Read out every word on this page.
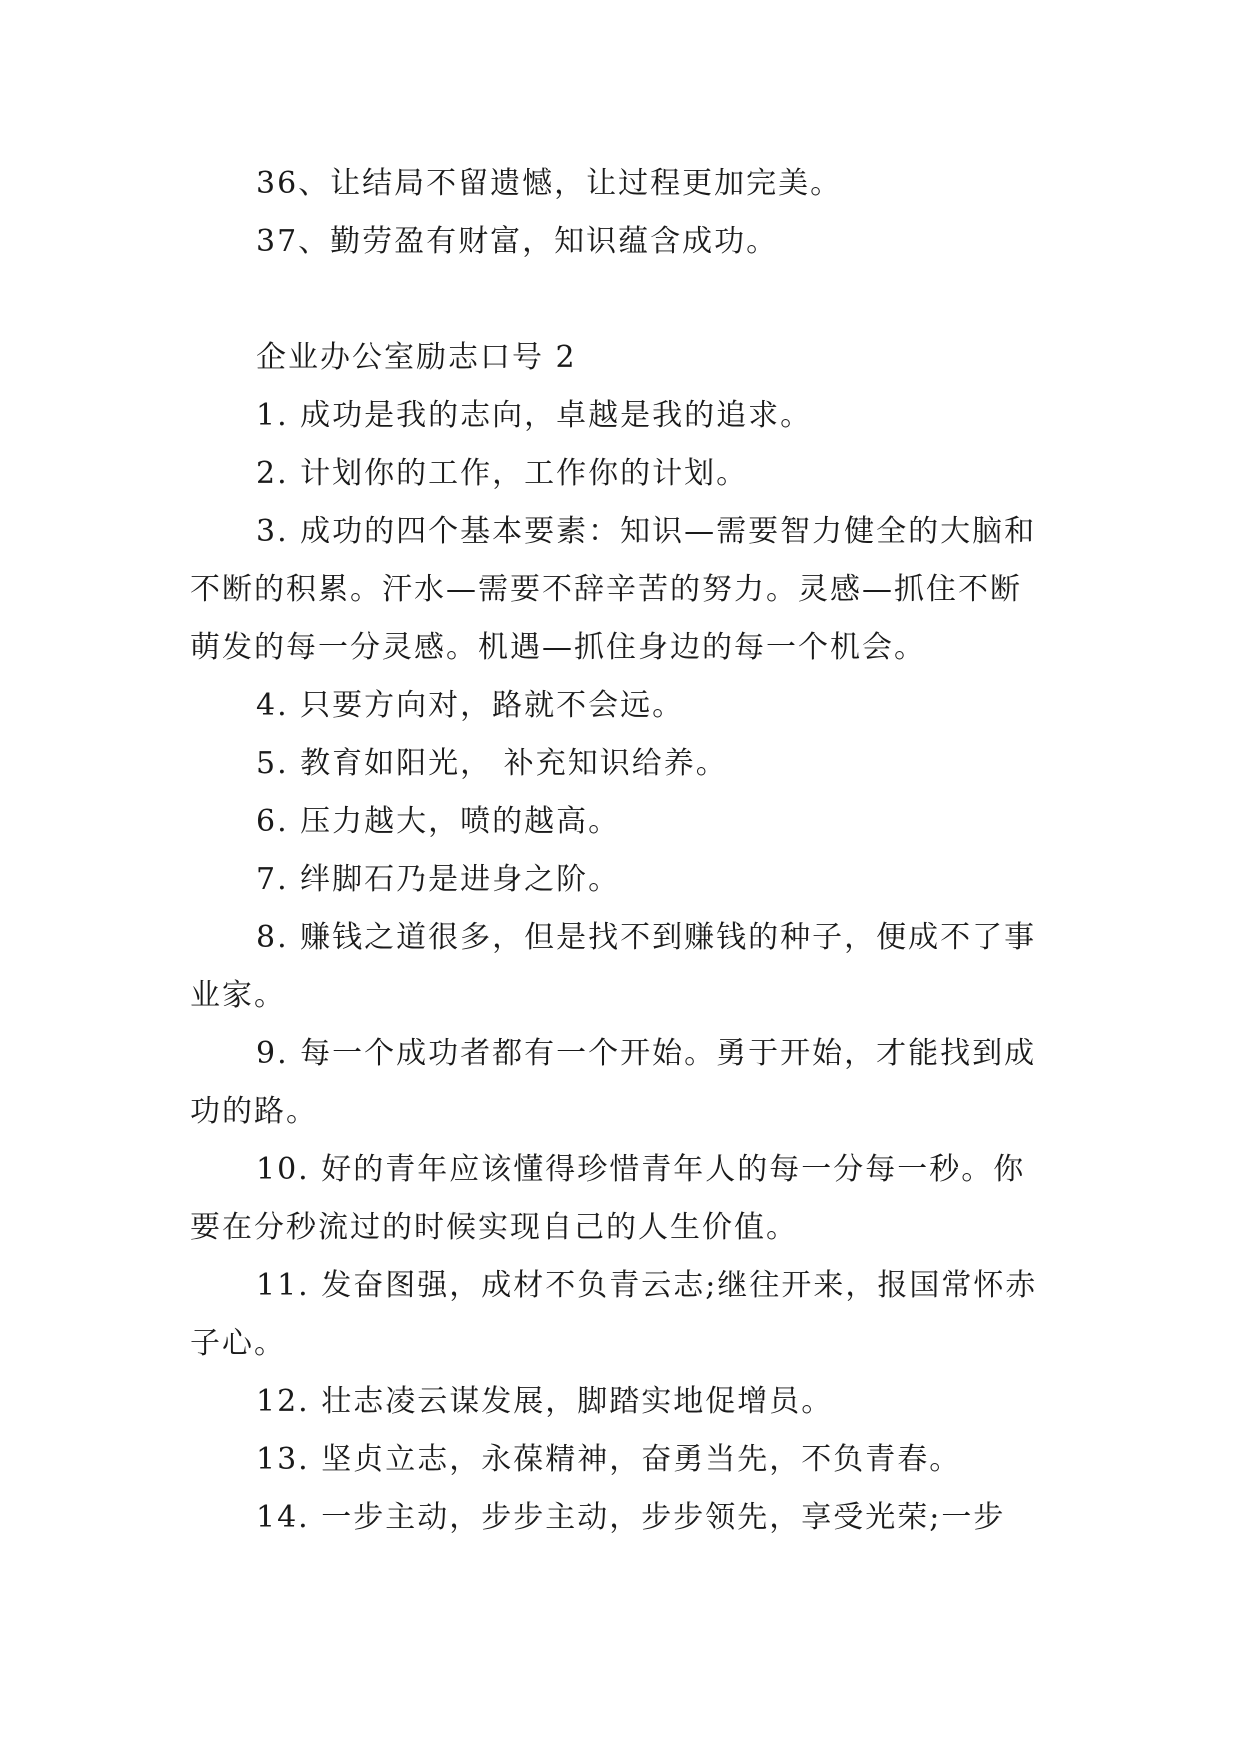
36、让结局不留遗憾，让过程更加完美。

37、勤劳盈有财富，知识蕴含成功。

企业办公室励志口号 2

1. 成功是我的志向，卓越是我的追求。

2. 计划你的工作，工作你的计划。

3. 成功的四个基本要素：知识—需要智力健全的大脑和不断的积累。汗水—需要不辞辛苦的努力。灵感—抓住不断萌发的每一分灵感。机遇—抓住身边的每一个机会。

4. 只要方向对，路就不会远。

5. 教育如阳光， 补充知识给养。

6. 压力越大，喷的越高。

7. 绊脚石乃是进身之阶。

8. 赚钱之道很多，但是找不到赚钱的种子，便成不了事业家。

9. 每一个成功者都有一个开始。勇于开始，才能找到成功的路。

10. 好的青年应该懂得珍惜青年人的每一分每一秒。你要在分秒流过的时候实现自己的人生价值。

11. 发奋图强，成材不负青云志;继往开来，报国常怀赤子心。

12. 壮志凌云谋发展，脚踏实地促增员。

13. 坚贞立志，永葆精神，奋勇当先，不负青春。

14. 一步主动，步步主动，步步领先，享受光荣;一步
